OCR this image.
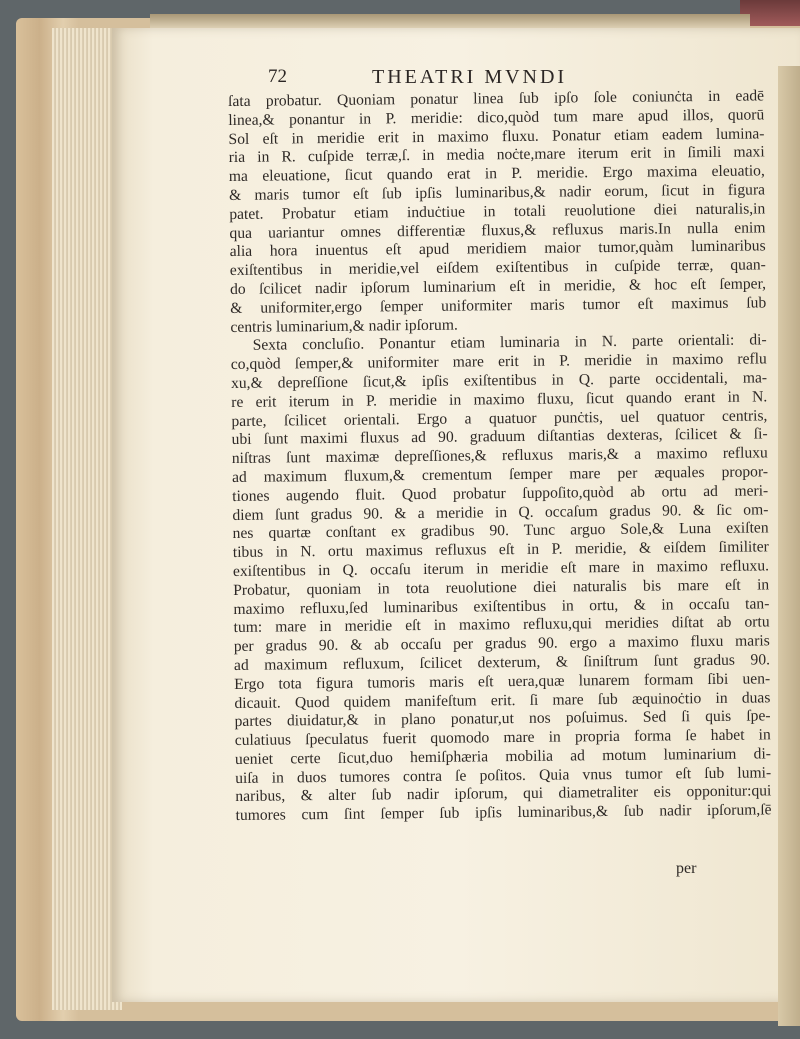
72	THEATRI MVNDI
ſata probatur. Quoniam ponatur linea ſub ipſo ſole coniunċta in eadē
linea,& ponantur in P. meridie: dico,quòd tum mare apud illos, quorū
Sol eſt in meridie erit in maximo fluxu. Ponatur etiam eadem lumina-
ria in R. cuſpide terræ,ſ. in media noċte,mare iterum erit in ſimili maxi
ma eleuatione, ſicut quando erat in P. meridie. Ergo maxima eleuatio,
& maris tumor eſt ſub ipſis luminaribus,& nadir eorum, ſicut in figura
patet. Probatur etiam induċtiue in totali reuolutione diei naturalis,in
qua uariantur omnes differentiæ fluxus,& refluxus maris.In nulla enim
alia hora inuentus eſt apud meridiem maior tumor,quàm luminaribus
exiſtentibus in meridie,vel eiſdem exiſtentibus in cuſpide terræ, quan-
do ſcilicet nadir ipſorum luminarium eſt in meridie, & hoc eſt ſemper,
& uniformiter,ergo ſemper uniformiter maris tumor eſt maximus ſub
centris luminarium,& nadir ipſorum.
Sexta concluſio. Ponantur etiam luminaria in N. parte orientali: di-
co,quòd ſemper,& uniformiter mare erit in P. meridie in maximo reflu
xu,& depreſſione ſicut,& ipſis exiſtentibus in Q. parte occidentali, ma-
re erit iterum in P. meridie in maximo fluxu, ſicut quando erant in N.
parte, ſcilicet orientali. Ergo a quatuor punċtis, uel quatuor centris,
ubi ſunt maximi fluxus ad 90. graduum diſtantias dexteras, ſcilicet & ſi-
niſtras ſunt maximæ depreſſiones,& refluxus maris,& a maximo refluxu
ad maximum fluxum,& crementum ſemper mare per æquales propor-
tiones augendo fluit. Quod probatur ſuppoſito,quòd ab ortu ad meri-
diem ſunt gradus 90. & a meridie in Q. occaſum gradus 90. & ſic om-
nes quartæ conſtant ex gradibus 90. Tunc arguo Sole,& Luna exiſten
tibus in N. ortu maximus refluxus eſt in P. meridie, & eiſdem ſimiliter
exiſtentibus in Q. occaſu iterum in meridie eſt mare in maximo refluxu.
Probatur, quoniam in tota reuolutione diei naturalis bis mare eſt in
maximo refluxu,ſed luminaribus exiſtentibus in ortu, & in occaſu tan-
tum: mare in meridie eſt in maximo refluxu,qui meridies diſtat ab ortu
per gradus 90. & ab occaſu per gradus 90. ergo a maximo fluxu maris
ad maximum refluxum, ſcilicet dexterum, & ſiniſtrum ſunt gradus 90.
Ergo tota figura tumoris maris eſt uera,quæ lunarem formam ſibi uen-
dicauit. Quod quidem manifeſtum erit. ſi mare ſub æquinoċtio in duas
partes diuidatur,& in plano ponatur,ut nos poſuimus. Sed ſi quis ſpe-
culatiuus ſpeculatus fuerit quomodo mare in propria forma ſe habet in
ueniet certe ſicut,duo hemiſphæria mobilia ad motum luminarium di-
uiſa in duos tumores contra ſe poſitos. Quia vnus tumor eſt ſub lumi-
naribus, & alter ſub nadir ipſorum, qui diametraliter eis opponitur:qui
tumores cum ſint ſemper ſub ipſis luminaribus,& ſub nadir ipſorum,ſē
per
